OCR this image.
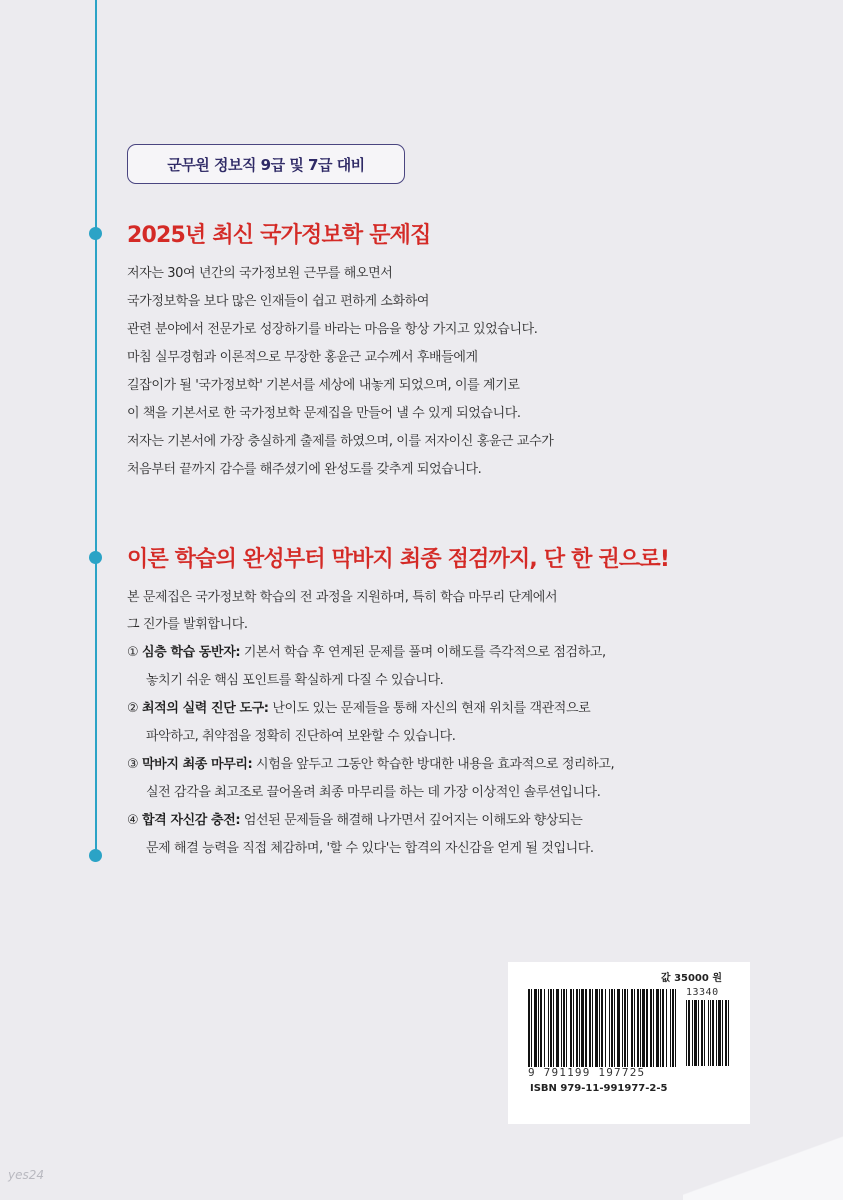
군무원 정보직 9급 및 7급 대비
2025년 최신 국가정보학 문제집
저자는 30여 년간의 국가정보원 근무를 해오면서
국가정보학을 보다 많은 인재들이 쉽고 편하게 소화하여
관련 분야에서 전문가로 성장하기를 바라는 마음을 항상 가지고 있었습니다.
마침 실무경험과 이론적으로 무장한 홍윤근 교수께서 후배들에게
길잡이가 될 '국가정보학' 기본서를 세상에 내놓게 되었으며, 이를 계기로
이 책을 기본서로 한 국가정보학 문제집을 만들어 낼 수 있게 되었습니다.
저자는 기본서에 가장 충실하게 출제를 하였으며, 이를 저자이신 홍윤근 교수가
처음부터 끝까지 감수를 해주셨기에 완성도를 갖추게 되었습니다.
이론 학습의 완성부터 막바지 최종 점검까지, 단 한 권으로!
본 문제집은 국가정보학 학습의 전 과정을 지원하며, 특히 학습 마무리 단계에서
그 진가를 발휘합니다.
① 심층 학습 동반자: 기본서 학습 후 연계된 문제를 풀며 이해도를 즉각적으로 점검하고,
놓치기 쉬운 핵심 포인트를 확실하게 다질 수 있습니다.
② 최적의 실력 진단 도구: 난이도 있는 문제들을 통해 자신의 현재 위치를 객관적으로
파악하고, 취약점을 정확히 진단하여 보완할 수 있습니다.
③ 막바지 최종 마무리: 시험을 앞두고 그동안 학습한 방대한 내용을 효과적으로 정리하고,
실전 감각을 최고조로 끌어올려 최종 마무리를 하는 데 가장 이상적인 솔루션입니다.
④ 합격 자신감 충전: 엄선된 문제들을 해결해 나가면서 깊어지는 이해도와 향상되는
문제 해결 능력을 직접 체감하며, '할 수 있다'는 합격의 자신감을 얻게 될 것입니다.
값 35000 원
13340
9 791199 197725
ISBN 979-11-991977-2-5
yes24
